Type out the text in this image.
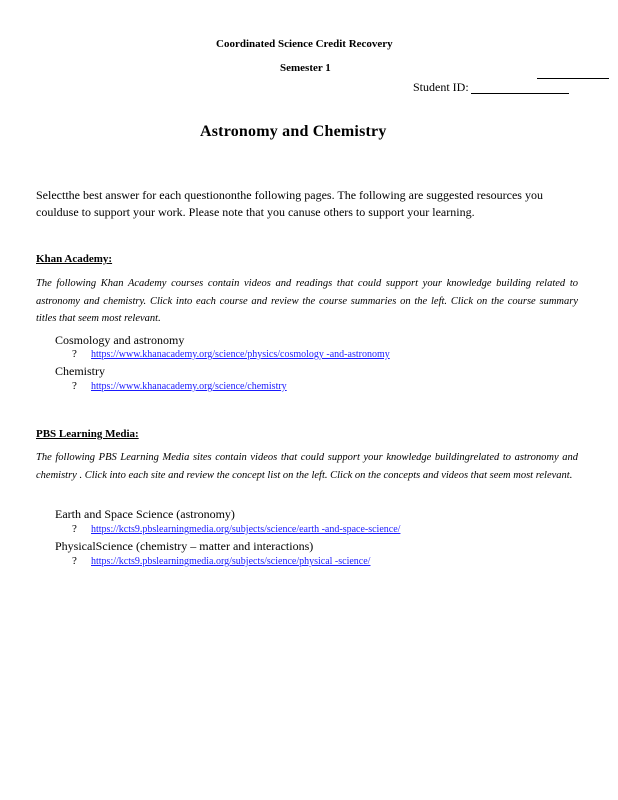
Coordinated Science Credit Recovery
Semester 1
Student ID:
Astronomy and Chemistry
Selectthe best answer for each questiononthe following pages. The following are suggested resources you coulduse to support your work. Please note that you canuse others to support your learning.
Khan Academy:
The following Khan Academy courses contain videos and readings that could support your knowledge building related to astronomy and chemistry. Click into each course and review the course summaries on the left. Click on the course summary titles that seem most relevant.
Cosmology and astronomy
? https://www.khanacademy.org/science/physics/cosmology -and-astronomy
Chemistry
? https://www.khanacademy.org/science/chemistry
PBS Learning Media:
The following PBS Learning Media sites contain videos that could support your knowledge buildingrelated to astronomy and chemistry . Click into each site and review the concept list on the left. Click on the concepts and videos that seem most relevant.
Earth and Space Science (astronomy)
? https://kcts9.pbslearningmedia.org/subjects/science/earth -and-space-science/
PhysicalScience (chemistry – matter and interactions)
? https://kcts9.pbslearningmedia.org/subjects/science/physical -science/
